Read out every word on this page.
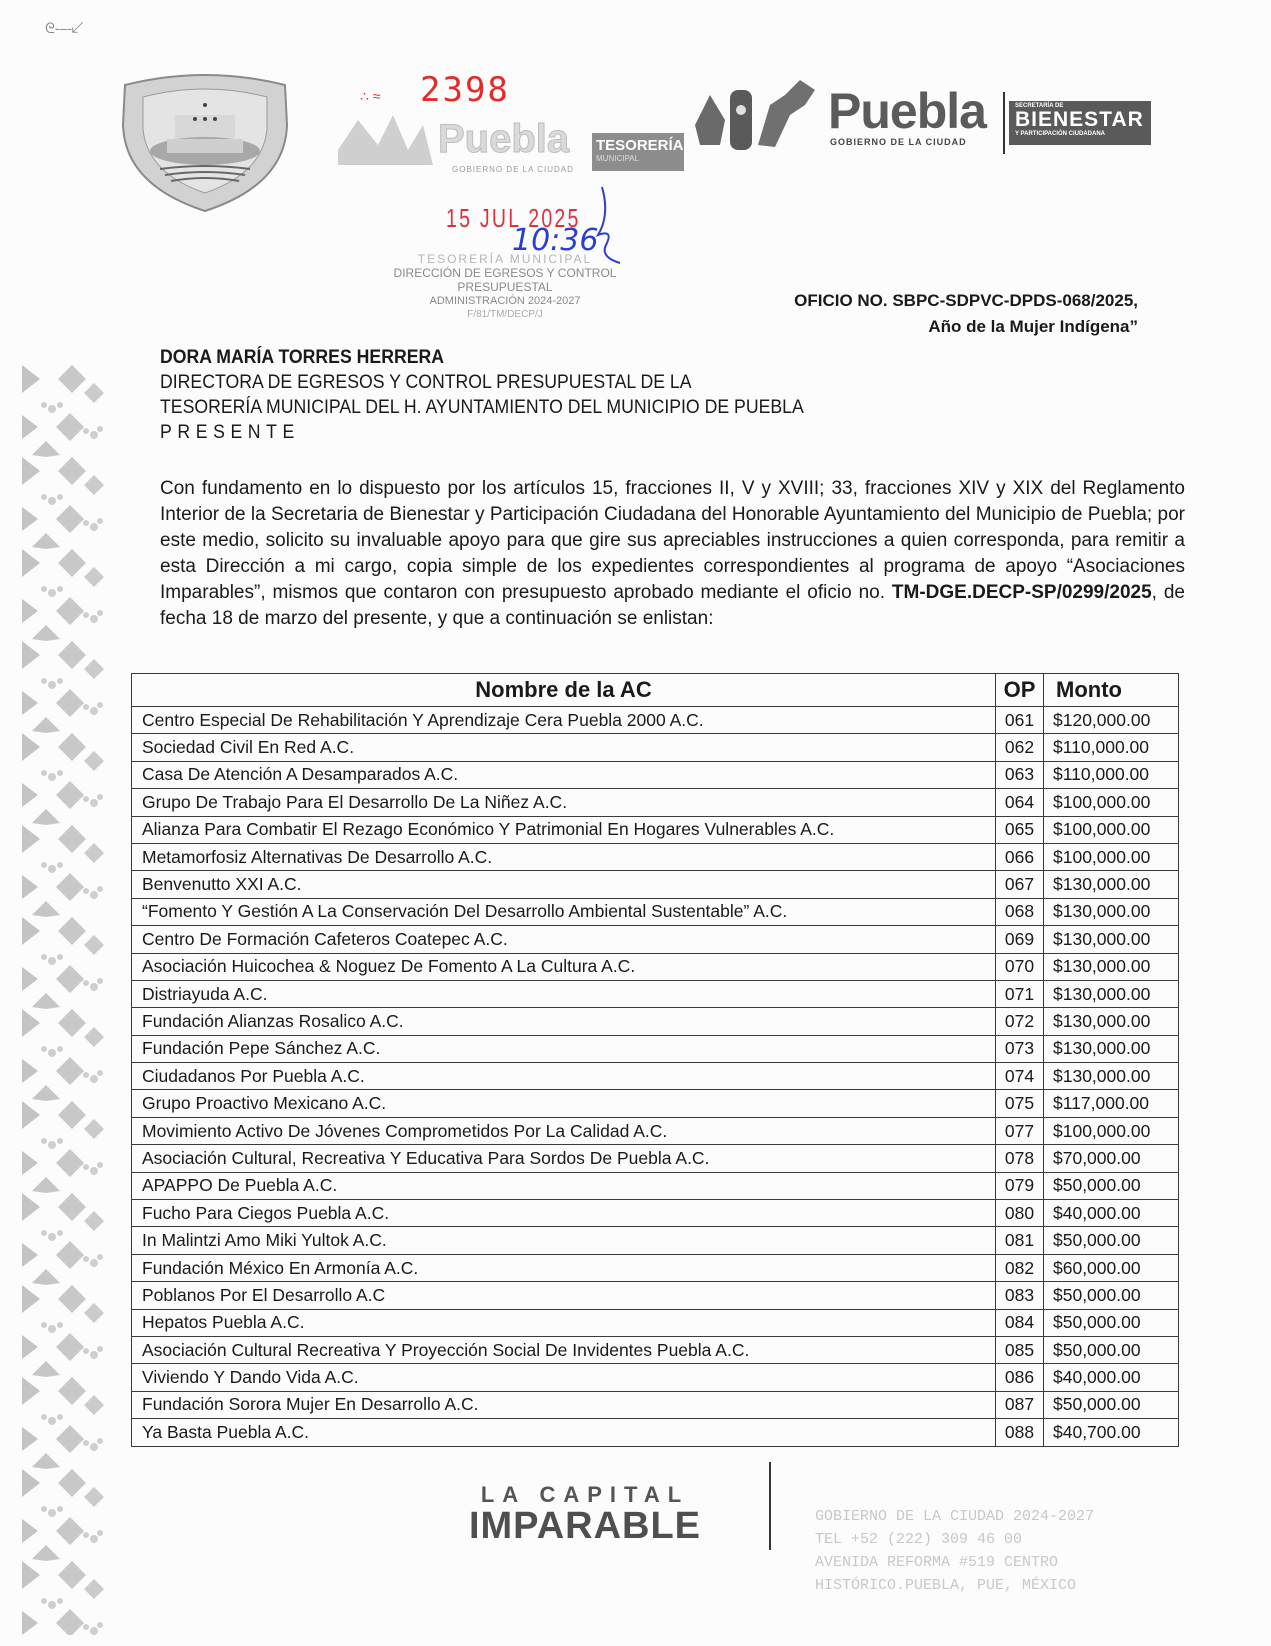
ᘓ-‒-↙
∴ ≈ 2398
Puebla TESORERÍA
MUNICIPAL
GOBIERNO DE LA CIUDAD
15 JUL 2025
10:36
TESORERÍA MUNICIPAL
DIRECCIÓN DE EGRESOS Y CONTROL
PRESUPUESTAL
ADMINISTRACIÓN 2024-2027
F/81/TM/DECP/J
Puebla
GOBIERNO DE LA CIUDAD
SECRETARÍA DE
BIENESTAR
Y PARTICIPACIÓN CIUDADANA
OFICIO NO. SBPC-SDPVC-DPDS-068/2025,
Año de la Mujer Indígena”
DORA MARÍA TORRES HERRERA
DIRECTORA DE EGRESOS Y CONTROL PRESUPUESTAL DE LA
TESORERÍA MUNICIPAL DEL H. AYUNTAMIENTO DEL MUNICIPIO DE PUEBLA
PRESENTE
Con fundamento en lo dispuesto por los artículos 15, fracciones II, V y XVIII; 33, fracciones XIV y XIX del Reglamento Interior de la Secretaria de Bienestar y Participación Ciudadana del Honorable Ayuntamiento del Municipio de Puebla; por este medio, solicito su invaluable apoyo para que gire sus apreciables instrucciones a quien corresponda, para remitir a esta Dirección a mi cargo, copia simple de los expedientes correspondientes al programa de apoyo “Asociaciones Imparables”, mismos que contaron con presupuesto aprobado mediante el oficio no. TM-DGE.DECP-SP/0299/2025, de fecha 18 de marzo del presente, y que a continuación se enlistan:
Nombre de la AC	OP	Monto
Centro Especial De Rehabilitación Y Aprendizaje Cera Puebla 2000 A.C.	061	$120,000.00
Sociedad Civil En Red A.C.	062	$110,000.00
Casa De Atención A Desamparados A.C.	063	$110,000.00
Grupo De Trabajo Para El Desarrollo De La Niñez A.C.	064	$100,000.00
Alianza Para Combatir El Rezago Económico Y Patrimonial En Hogares Vulnerables A.C.	065	$100,000.00
Metamorfosiz Alternativas De Desarrollo A.C.	066	$100,000.00
Benvenutto XXI A.C.	067	$130,000.00
“Fomento Y Gestión A La Conservación Del Desarrollo Ambiental Sustentable” A.C.	068	$130,000.00
Centro De Formación Cafeteros Coatepec A.C.	069	$130,000.00
Asociación Huicochea & Noguez De Fomento A La Cultura A.C.	070	$130,000.00
Distriayuda A.C.	071	$130,000.00
Fundación Alianzas Rosalico A.C.	072	$130,000.00
Fundación Pepe Sánchez A.C.	073	$130,000.00
Ciudadanos Por Puebla A.C.	074	$130,000.00
Grupo Proactivo Mexicano A.C.	075	$117,000.00
Movimiento Activo De Jóvenes Comprometidos Por La Calidad A.C.	077	$100,000.00
Asociación Cultural, Recreativa Y Educativa Para Sordos De Puebla A.C.	078	$70,000.00
APAPPO De Puebla A.C.	079	$50,000.00
Fucho Para Ciegos Puebla A.C.	080	$40,000.00
In Malintzi Amo Miki Yultok A.C.	081	$50,000.00
Fundación México En Armonía A.C.	082	$60,000.00
Poblanos Por El Desarrollo A.C	083	$50,000.00
Hepatos Puebla A.C.	084	$50,000.00
Asociación Cultural Recreativa Y Proyección Social De Invidentes Puebla A.C.	085	$50,000.00
Viviendo Y Dando Vida A.C.	086	$40,000.00
Fundación Sorora Mujer En Desarrollo A.C.	087	$50,000.00
Ya Basta Puebla A.C.	088	$40,700.00
LA CAPITAL
IMPARABLE	GOBIERNO DE LA CIUDAD 2024-2027
TEL +52 (222) 309 46 00
AVENIDA REFORMA #519 CENTRO
HISTÓRICO.PUEBLA, PUE, MÉXICO
